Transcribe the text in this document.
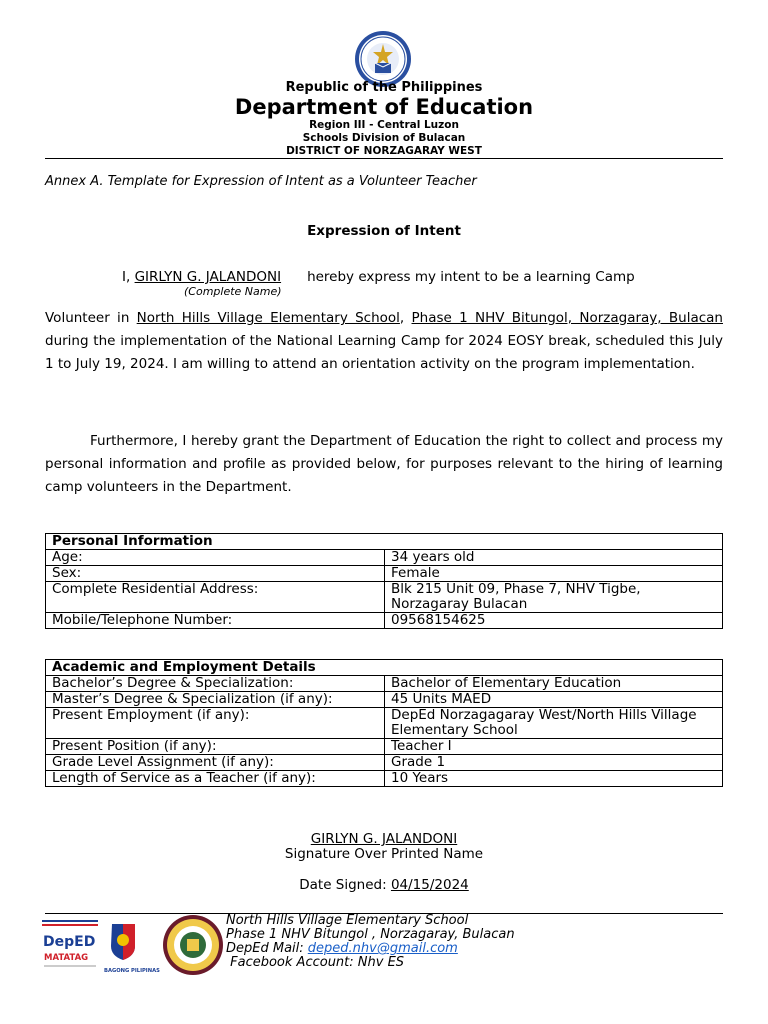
Republic of the Philippines
Department of Education
Region III - Central Luzon
Schools Division of Bulacan
DISTRICT OF NORZAGARAY WEST
Annex A. Template for Expression of Intent as a Volunteer Teacher
Expression of Intent
I, GIRLYN G. JALANDONI hereby express my intent to be a learning Camp
(Complete Name)
Volunteer in North Hills Village Elementary School, Phase 1 NHV Bitungol, Norzagaray, Bulacan during the implementation of the National Learning Camp for 2024 EOSY break, scheduled this July 1 to July 19, 2024. I am willing to attend an orientation activity on the program implementation.
Furthermore, I hereby grant the Department of Education the right to collect and process my personal information and profile as provided below, for purposes relevant to the hiring of learning camp volunteers in the Department.
Personal Information	
Age:	34 years old
Sex:	Female
Complete Residential Address:	Blk 215 Unit 09, Phase 7, NHV Tigbe, Norzagaray Bulacan
Mobile/Telephone Number:	09568154625
Academic and Employment Details	
Bachelor’s Degree & Specialization:	Bachelor of Elementary Education
Master’s Degree & Specialization (if any):	45 Units MAED
Present Employment (if any):	DepEd Norzagagaray West/North Hills Village Elementary School
Present Position (if any):	Teacher I
Grade Level Assignment (if any):	Grade 1
Length of Service as a Teacher (if any):	10 Years
GIRLYN G. JALANDONI
Signature Over Printed Name
Date Signed: 04/15/2024
DepED
MATATAG
BAGONG PILIPINAS
North Hills Village Elementary School
Phase 1 NHV Bitungol , Norzagaray, Bulacan
DepEd Mail: deped.nhv@gmail.com
Facebook Account: Nhv ES
